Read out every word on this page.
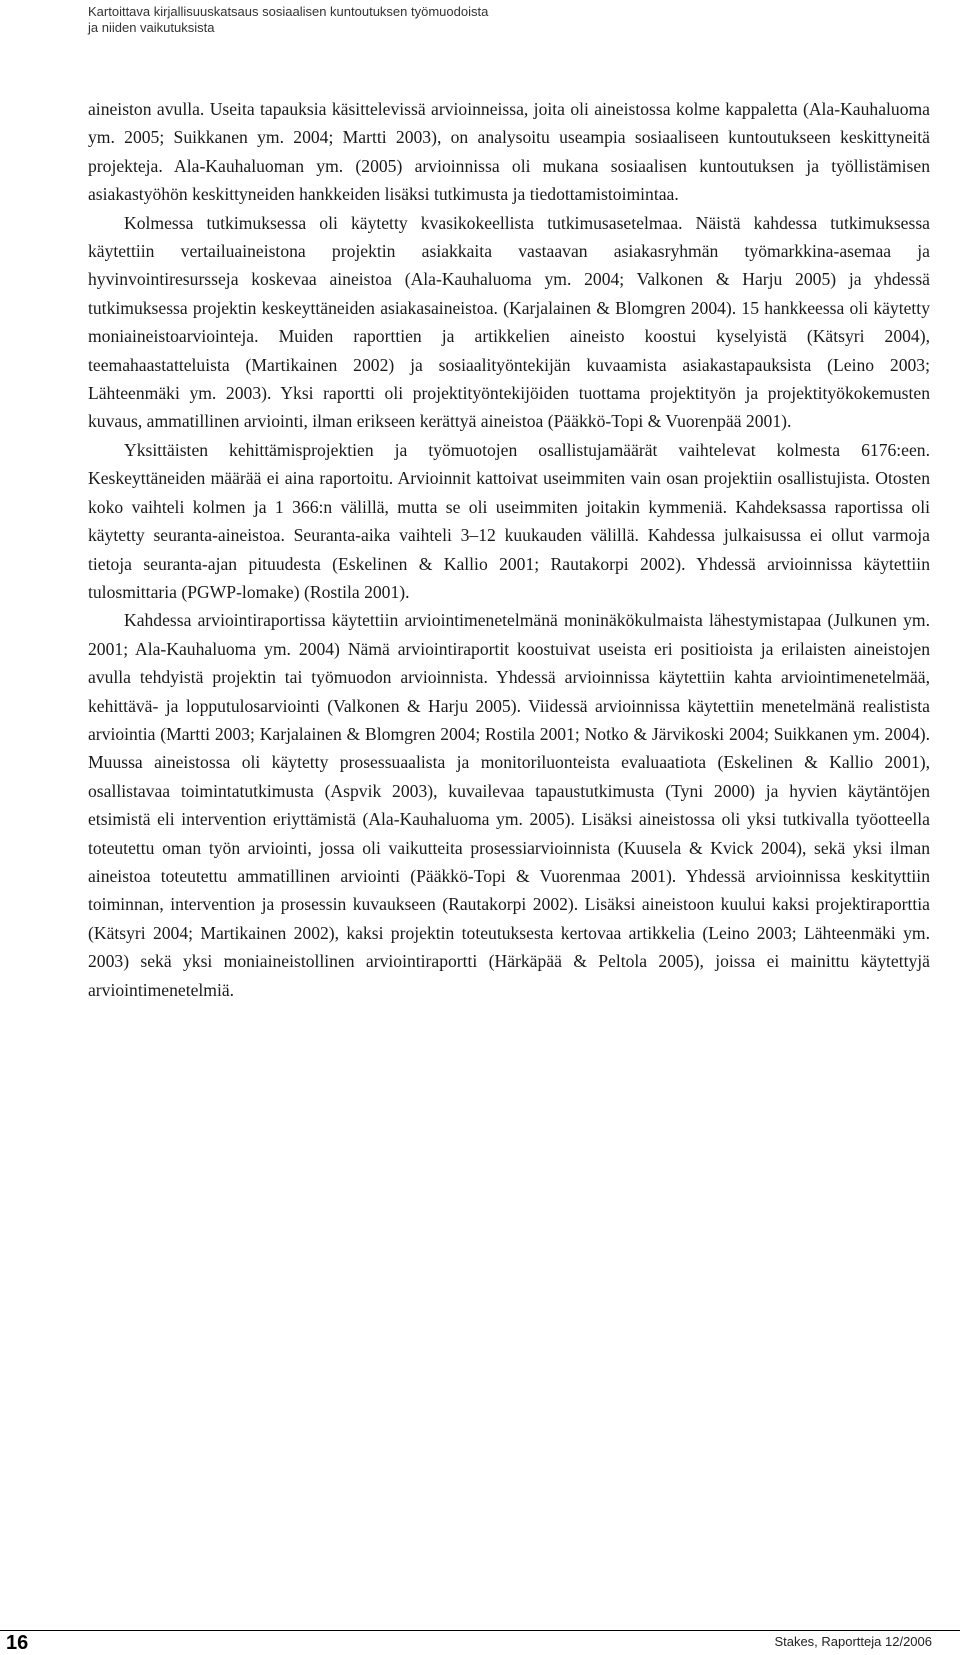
Kartoittava kirjallisuuskatsaus sosiaalisen kuntoutuksen työmuodoista
ja niiden vaikutuksista

aineiston avulla. Useita tapauksia käsittelevissä arvioinneissa, joita oli aineistossa kolme kappaletta (Ala-Kauhaluoma ym. 2005; Suikkanen ym. 2004; Martti 2003), on analysoitu useampia sosiaaliseen kuntoutukseen keskittyneitä projekteja. Ala-Kauhaluoman ym. (2005) arvioinnissa oli mukana sosiaalisen kuntoutuksen ja työllistämisen asiakastyöhön keskittyneiden hankkeiden lisäksi tutkimusta ja tiedottamistoimintaa.

Kolmessa tutkimuksessa oli käytetty kvasikokeellista tutkimusasetelmaa. Näistä kahdessa tutkimuksessa käytettiin vertailuaineistona projektin asiakkaita vastaavan asiakasryhmän työmarkkina-asemaa ja hyvinvointiresursseja koskevaa aineistoa (Ala-Kauhaluoma ym. 2004; Valkonen & Harju 2005) ja yhdessä tutkimuksessa projektin keskeyttäneiden asiakasaineistoa. (Karjalainen & Blomgren 2004). 15 hankkeessa oli käytetty moniaineistoarviointeja. Muiden raporttien ja artikkelien aineisto koostui kyselyistä (Kätsyri 2004), teemahaastatteluista (Martikainen 2002) ja sosiaalityöntekijän kuvaamista asiakastapauksista (Leino 2003; Lähteenmäki ym. 2003). Yksi raportti oli projektityöntekijöiden tuottama projektityön ja projektityökokemusten kuvaus, ammatillinen arviointi, ilman erikseen kerättyä aineistoa (Pääkkö-Topi & Vuorenpää 2001).

Yksittäisten kehittämisprojektien ja työmuotojen osallistujamäärät vaihtelevat kolmesta 6176:een. Keskeyttäneiden määrää ei aina raportoitu. Arvioinnit kattoivat useimmiten vain osan projektiin osallistujista. Otosten koko vaihteli kolmen ja 1 366:n välillä, mutta se oli useimmiten joitakin kymmeniä. Kahdeksassa raportissa oli käytetty seuranta-aineistoa. Seuranta-aika vaihteli 3–12 kuukauden välillä. Kahdessa julkaisussa ei ollut varmoja tietoja seuranta-ajan pituudesta (Eskelinen & Kallio 2001; Rautakorpi 2002). Yhdessä arvioinnissa käytettiin tulosmittaria (PGWP-lomake) (Rostila 2001).

Kahdessa arviointiraportissa käytettiin arviointimenetelmänä moninäkökulmaista lähestymistapaa (Julkunen ym. 2001; Ala-Kauhaluoma ym. 2004) Nämä arviointiraportit koostuivat useista eri positioista ja erilaisten aineistojen avulla tehdyistä projektin tai työmuodon arvioinnista. Yhdessä arvioinnissa käytettiin kahta arviointimenetelmää, kehittävä- ja lopputulosarviointi (Valkonen & Harju 2005). Viidessä arvioinnissa käytettiin menetelmänä realistista arviointia (Martti 2003; Karjalainen & Blomgren 2004; Rostila 2001; Notko & Järvikoski 2004; Suikkanen ym. 2004). Muussa aineistossa oli käytetty prosessuaalista ja monitoriluonteista evaluaatiota (Eskelinen & Kallio 2001), osallistavaa toimintatutkimusta (Aspvik 2003), kuvailevaa tapaustutkimusta (Tyni 2000) ja hyvien käytäntöjen etsimistä eli intervention eriyttämistä (Ala-Kauhaluoma ym. 2005). Lisäksi aineistossa oli yksi tutkivalla työotteella toteutettu oman työn arviointi, jossa oli vaikutteita prosessiarvioinnista (Kuusela & Kvick 2004), sekä yksi ilman aineistoa toteutettu ammatillinen arviointi (Pääkkö-Topi & Vuorenmaa 2001). Yhdessä arvioinnissa keskityttiin toiminnan, intervention ja prosessin kuvaukseen (Rautakorpi 2002). Lisäksi aineistoon kuului kaksi projektiraporttia (Kätsyri 2004; Martikainen 2002), kaksi projektin toteutuksesta kertovaa artikkelia (Leino 2003; Lähteenmäki ym. 2003) sekä yksi moniaineistollinen arviointiraportti (Härkäpää & Peltola 2005), joissa ei mainittu käytettyjä arviointimenetelmiä.

16	Stakes, Raportteja 12/2006
